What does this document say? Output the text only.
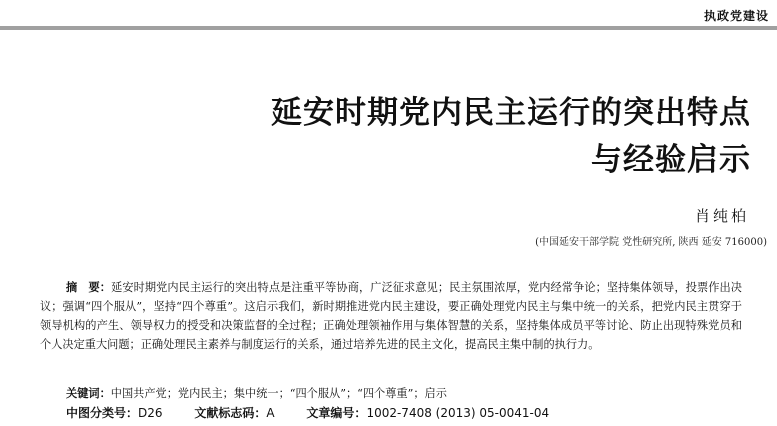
执政党建设
延安时期党内民主运行的突出特点
与经验启示
肖纯柏
(中国延安干部学院 党性研究所, 陕西 延安 716000)
摘　要：延安时期党内民主运行的突出特点是注重平等协商，广泛征求意见；民主氛围浓厚，党内经常争论；坚持集体领导，投票作出决议；强调“四个服从”，坚持“四个尊重”。这启示我们，新时期推进党内民主建设，要正确处理党内民主与集中统一的关系，把党内民主贯穿于领导机构的产生、领导权力的授受和决策监督的全过程；正确处理领袖作用与集体智慧的关系，坚持集体成员平等讨论、防止出现特殊党员和个人决定重大问题；正确处理民主素养与制度运行的关系，通过培养先进的民主文化，提高民主集中制的执行力。
关键词：中国共产党；党内民主；集中统一；“四个服从”；“四个尊重”；启示
中图分类号：D26	文献标志码：A	文章编号：1002-7408 (2013) 05-0041-04
